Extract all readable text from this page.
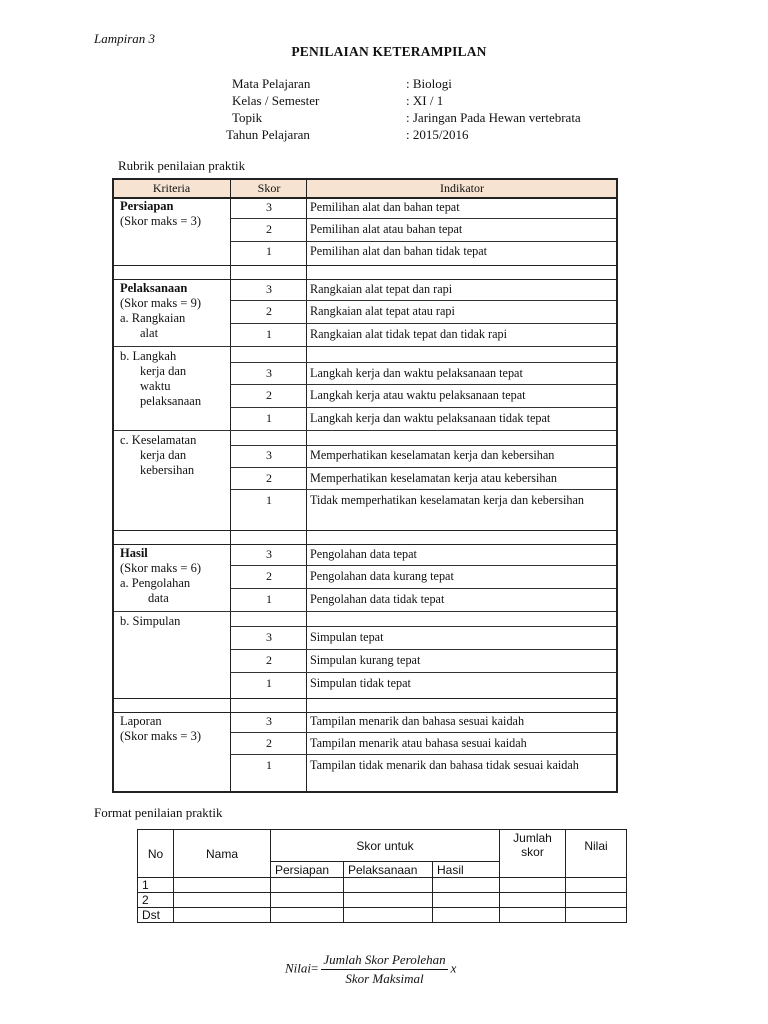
Lampiran 3
PENILAIAN KETERAMPILAN
Mata Pelajaran	: Biologi
Kelas / Semester	: XI / 1
Topik	: Jaringan Pada Hewan vertebrata
Tahun Pelajaran	: 2015/2016
Rubrik penilaian praktik
Kriteria	Skor	Indikator
Persiapan
(Skor maks = 3)
3	Pemilihan alat dan bahan tepat
2	Pemilihan alat atau bahan tepat
1	Pemilihan alat dan bahan tidak tepat
Pelaksanaan
(Skor maks = 9)
a. Rangkaian
alat
3	Rangkaian alat tepat dan rapi
2	Rangkaian alat tepat atau rapi
1	Rangkaian alat tidak tepat dan tidak rapi
b. Langkah
kerja dan
waktu
pelaksanaan
3	Langkah kerja dan waktu pelaksanaan tepat
2	Langkah kerja atau waktu pelaksanaan tepat
1	Langkah kerja dan waktu pelaksanaan tidak tepat
c. Keselamatan
kerja dan
kebersihan
3	Memperhatikan keselamatan kerja dan kebersihan
2	Memperhatikan keselamatan kerja atau kebersihan
1	Tidak memperhatikan keselamatan kerja dan kebersihan
Hasil
(Skor maks = 6)
a. Pengolahan
data
3	Pengolahan data tepat
2	Pengolahan data kurang tepat
1	Pengolahan data tidak tepat
b. Simpulan
3	Simpulan tepat
2	Simpulan kurang tepat
1	Simpulan tidak tepat
Laporan
(Skor maks = 3)
3	Tampilan menarik dan bahasa sesuai kaidah
2	Tampilan menarik atau bahasa sesuai kaidah
1	Tampilan tidak menarik dan bahasa tidak sesuai kaidah
Format penilaian praktik
No	Nama	Skor untuk			Jumlah skor	Nilai
		Persiapan	Pelaksanaan	Hasil		
1						
2						
Dst						
Nilai= $\frac{\text{Jumlah Skor Perolehan}}{\text{Skor Maksimal}}$ x
